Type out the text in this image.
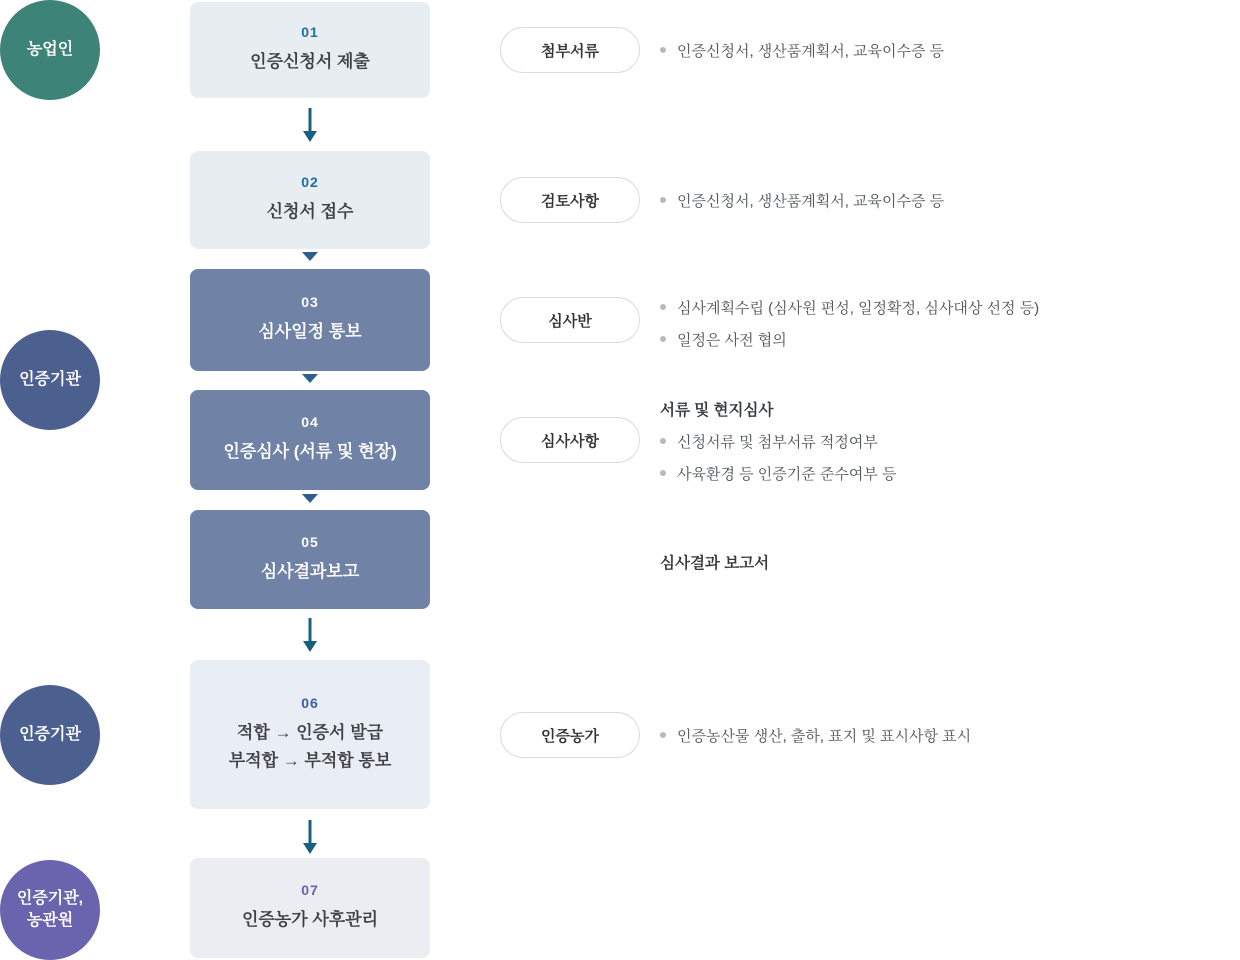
농업인
인증기관
인증기관
인증기관,
농관원
01
인증신청서 제출
02
신청서 접수
03
심사일정 통보
04
인증심사 (서류 및 현장)
05
심사결과보고
06
적합 → 인증서 발급
부적합 → 부적합 통보
07
인증농가 사후관리
첨부서류
검토사항
심사반
심사사항
인증농가
인증신청서, 생산품계획서, 교육이수증 등
인증신청서, 생산품계획서, 교육이수증 등
심사계획수립 (심사원 편성, 일정확정, 심사대상 선정 등)
일정은 사전 협의
서류 및 현지심사
신청서류 및 첨부서류 적정여부
사육환경 등 인증기준 준수여부 등
심사결과 보고서
인증농산물 생산, 출하, 표지 및 표시사항 표시
